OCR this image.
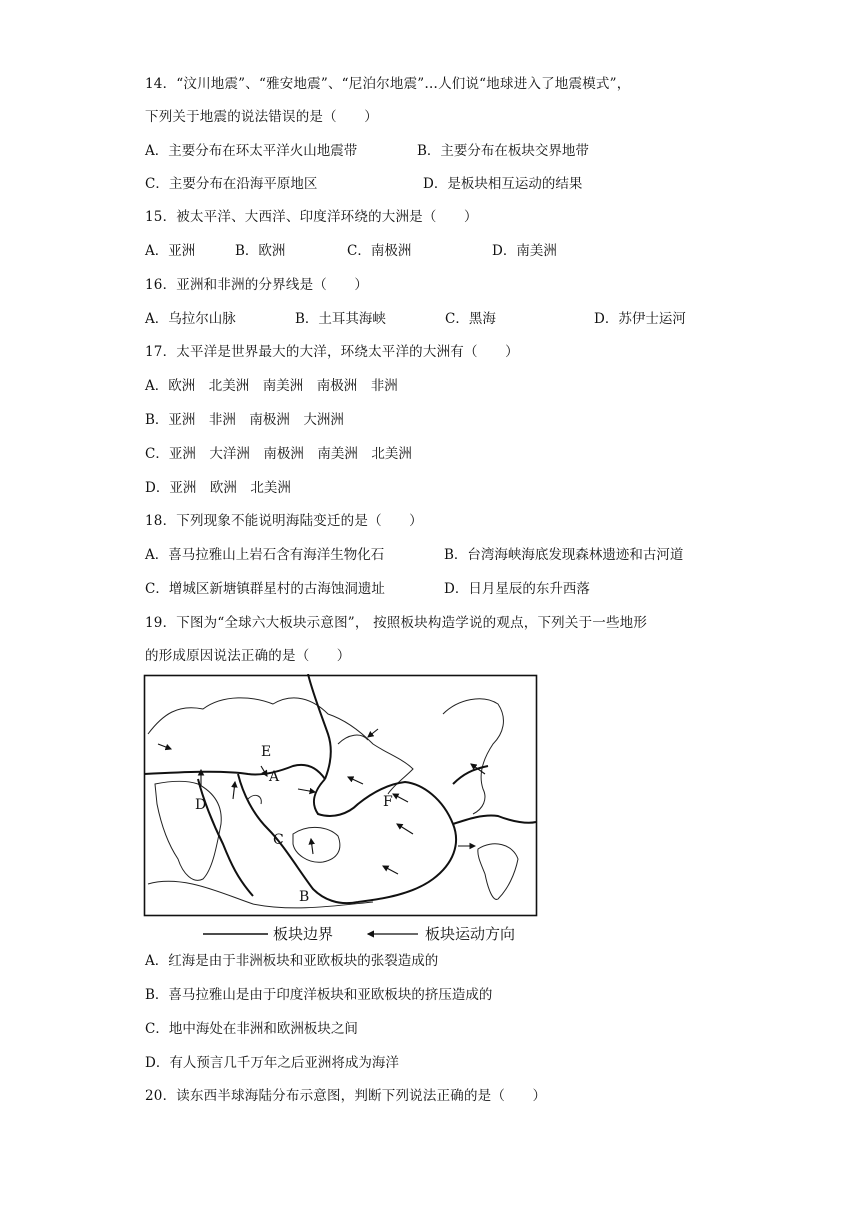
14．“汶川地震”、“雅安地震”、“尼泊尔地震”…人们说“地球进入了地震模式”，
下列关于地震的说法错误的是（　　）
A．主要分布在环太平洋火山地震带	B．主要分布在板块交界地带
C．主要分布在沿海平原地区	D．是板块相互运动的结果
15．被太平洋、大西洋、印度洋环绕的大洲是（　　）
A．亚洲	B．欧洲	C．南极洲	D．南美洲
16．亚洲和非洲的分界线是（　　）
A．乌拉尔山脉	B．土耳其海峡	C．黑海	D．苏伊士运河
17．太平洋是世界最大的大洋，环绕太平洋的大洲有（　　）
A．欧洲　北美洲　南美洲　南极洲　非洲
B．亚洲　非洲　南极洲　大洲洲
C．亚洲　大洋洲　南极洲　南美洲　北美洲
D．亚洲　欧洲　北美洲
18．下列现象不能说明海陆变迁的是（　　）
A．喜马拉雅山上岩石含有海洋生物化石	B．台湾海峡海底发现森林遗迹和古河道
C．增城区新塘镇群星村的古海蚀洞遗址	D．日月星辰的东升西落
19．下图为“全球六大板块示意图”， 按照板块构造学说的观点，下列关于一些地形
的形成原因说法正确的是（　　）
E
A
D
C
F
B
板块边界	板块运动方向
A．红海是由于非洲板块和亚欧板块的张裂造成的
B．喜马拉雅山是由于印度洋板块和亚欧板块的挤压造成的
C．地中海处在非洲和欧洲板块之间
D．有人预言几千万年之后亚洲将成为海洋
20．读东西半球海陆分布示意图，判断下列说法正确的是（　　）
